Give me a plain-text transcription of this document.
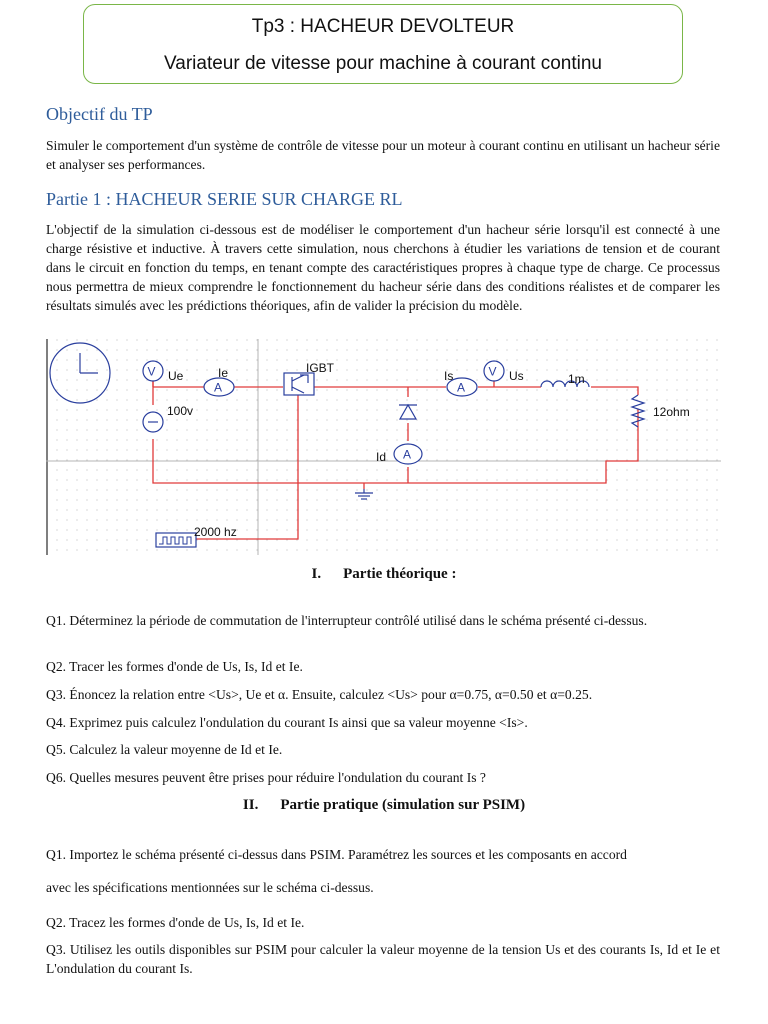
Tp3 : HACHEUR DEVOLTEUR
Variateur de vitesse pour machine à courant continu
Objectif du TP
Simuler le comportement d'un système de contrôle de vitesse pour un moteur à courant continu en utilisant un hacheur série et analyser ses performances.
Partie 1 : HACHEUR SERIE SUR CHARGE RL
L'objectif de la simulation ci-dessous est de modéliser le comportement d'un hacheur série lorsqu'il est connecté à une charge résistive et inductive. À travers cette simulation, nous cherchons à étudier les variations de tension et de courant dans le circuit en fonction du temps, en tenant compte des caractéristiques propres à chaque type de charge. Ce processus nous permettra de mieux comprendre le fonctionnement du hacheur série dans des conditions réalistes et de comparer les résultats simulés avec les prédictions théoriques, afin de valider la précision du modèle.
V Ue
A
Ie
100v
IGBT
A
Id
A
Is	V Us	1m
12ohm
2000 hz
I. Partie théorique :
Q1. Déterminez la période de commutation de l'interrupteur contrôlé utilisé dans le schéma présenté ci-dessus.
Q2. Tracer les formes d'onde de Us, Is, Id et Ie.
Q3. Énoncez la relation entre <Us>, Ue et α. Ensuite, calculez <Us> pour α=0.75, α=0.50 et α=0.25.
Q4. Exprimez puis calculez l'ondulation du courant Is ainsi que sa valeur moyenne <Is>.
Q5. Calculez la valeur moyenne de Id et Ie.
Q6. Quelles mesures peuvent être prises pour réduire l'ondulation du courant Is ?
II. Partie pratique (simulation sur PSIM)
Q1. Importez le schéma présenté ci-dessus dans PSIM. Paramétrez les sources et les composants en accord
avec les spécifications mentionnées sur le schéma ci-dessus.
Q2. Tracez les formes d'onde de Us, Is, Id et Ie.
Q3. Utilisez les outils disponibles sur PSIM pour calculer la valeur moyenne de la tension Us et des courants Is, Id et Ie et L'ondulation du courant Is.
